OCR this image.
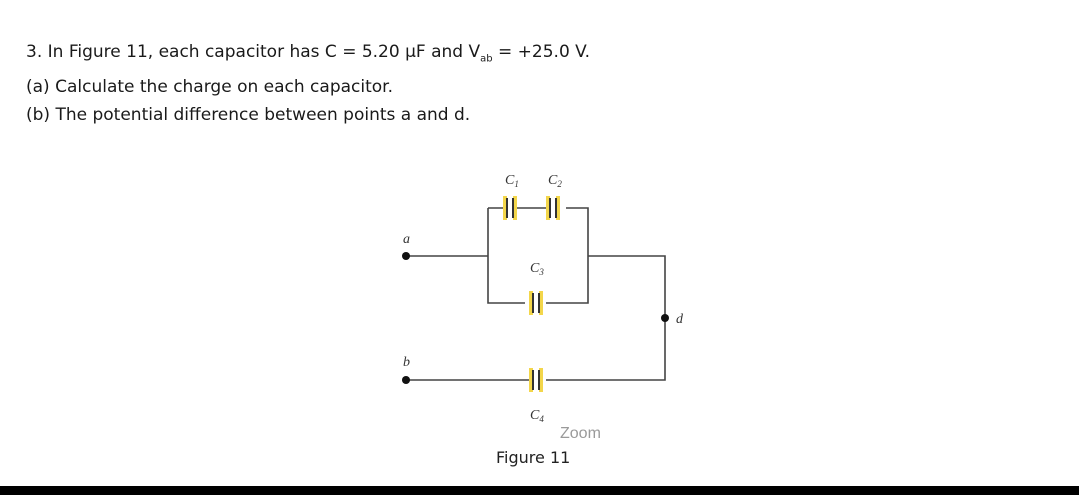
3. In Figure 11, each capacitor has C = 5.20 μF and $V_{ab} = +25.0$ V.
(a) Calculate the charge on each capacitor.
(b) The potential difference between points a and d.
a
b
d
$C_1$ $C_2$
$C_3$
$C_4$
Zoom
Figure 11
